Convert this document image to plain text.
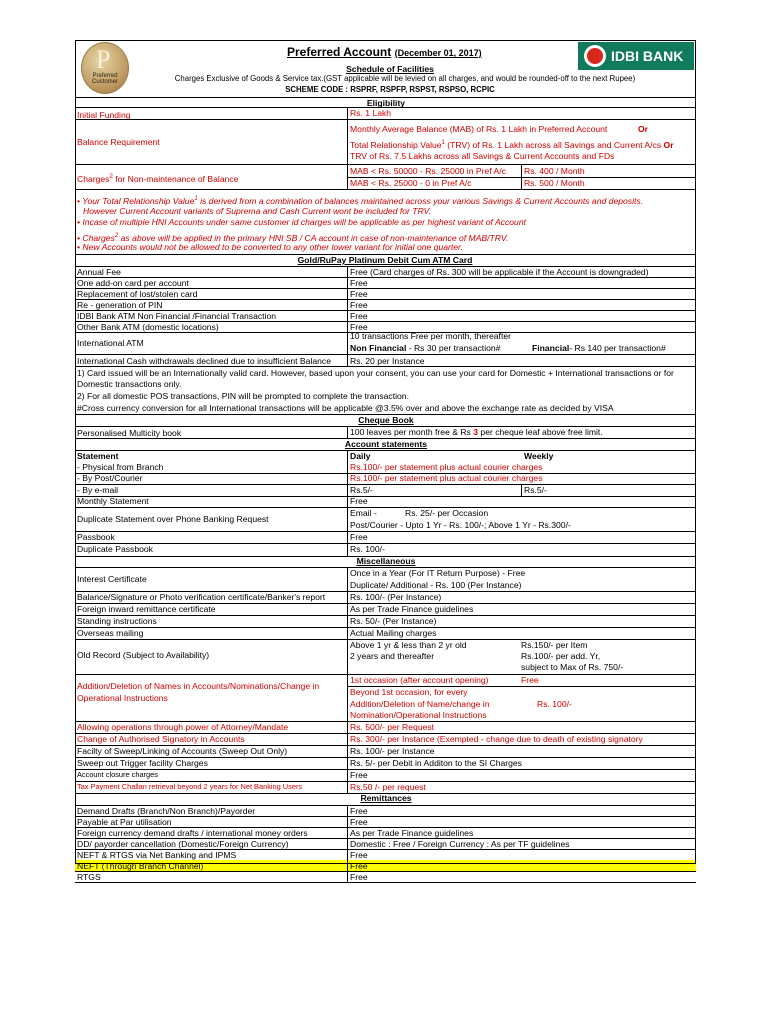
P
Preferred
Customer
IDBI BANK
Preferred Account (December 01, 2017)
Schedule of Facilities
Charges Exclusive of Goods & Service tax.(GST applicable will be levied on all charges, and would be rounded-off to the next Rupee)
SCHEME CODE : RSPRF, RSPFP, RSPST, RSPSO, RCPIC
Eligibility
Initial Funding	Rs. 1 Lakh
Balance Requirement
Monthly Average Balance (MAB) of Rs. 1 Lakh in Preferred Account	Or
Total Relationship Value$^1$ (TRV) of Rs. 1 Lakh across all Savings and Current A/cs Or
TRV of Rs. 7.5 Lakhs across all Savings & Current Accounts and FDs
Charges$^2$ for Non-maintenance of Balance
MAB < Rs. 50000 - Rs. 25000 in Pref A/c Rs. 400 / Month
MAB < Rs. 25000 - 0 in Pref A/c	Rs. 500 / Month
• Your Total Relationship Value$^1$ is derived from a combination of balances maintained across your various Savings & Current Accounts and deposits.
However Current Account variants of Suprema and Cash Current wont be included for TRV.
• Incase of multiple HNI Accounts under same customer id charges will be applicable as per highest variant of Account
• Charges$^2$ as above will be applied in the primary HNI SB / CA account in case of non-maintenance of MAB/TRV.
• New Accounts would not be allowed to be converted to any other lower variant for initial one quarter.
Gold/RuPay Platinum Debit Cum ATM Card
Annual Fee	Free (Card charges of Rs. 300 will be applicable if the Account is downgraded)
One add-on card per account	Free
Replacement of lost/stolen card	Free
Re - generation of PIN	Free
IDBI Bank ATM Non Financial /Financial Transaction	Free
Other Bank ATM (domestic locations)	Free
International ATM
10 transactions Free per month, thereafter
Non Financial - Rs 30 per transaction#	Financial- Rs 140 per transaction#
International Cash withdrawals declined due to insufficient Balance Rs. 20 per Instance
1) Card issued will be an Internationally valid card. However, based upon your consent, you can use your card for Domestic + International transactions or for
Domestic transactions only.
2) For all domestic POS transactions, PIN will be prompted to complete the transaction.
#Cross currency conversion for all International transactions will be applicable @3.5% over and above the exchange rate as decided by VISA
Cheque Book
Personalised Multicity book	100 leaves per month free & Rs 3 per cheque leaf above free limit.
Account statements
Statement	Daily	Weekly
- Physical from Branch	Rs.100/- per statement plus actual courier charges
- By Post/Courier	Rs.100/- per statement plus actual courier charges
- By e-mail	Rs.5/-	Rs.5/-
Monthly Statement	Free
Duplicate Statement over Phone Banking Request
Email -	Rs. 25/- per Occasion
Post/Courier - Upto 1 Yr - Rs. 100/-; Above 1 Yr - Rs.300/-
Passbook	Free
Duplicate Passbook	Rs. 100/-
Miscellaneous
Interest Certificate
Once in a Year (For IT Return Purpose) - Free
Duplicate/ Additional - Rs. 100 (Per Instance)
Balance/Signature or Photo verification certificate/Banker's report	Rs. 100/- (Per Instance)
Foreign inward remittance certificate	As per Trade Finance guidelines
Standing instructions	Rs. 50/- (Per Instance)
Overseas mailing	Actual Mailing charges
Old Record (Subject to Availability)
Above 1 yr & less than 2 yr old	Rs.150/- per Item
2 years and thereafter	Rs.100/- per add. Yr,
subject to Max of Rs. 750/-
Addition/Deletion of Names in Accounts/Nominations/Change in
Operational Instructions
1st occasion (after account opening)	Free
Beyond 1st occasion, for every
Addition/Deletion of Name/change in	Rs. 100/-
Nomination/Operational Instructions
Allowing operations through power of Attorney/Mandate	Rs. 500/- per Request
Change of Authorised Signatory in Accounts	Rs. 300/- per Instance (Exempted - change due to death of existing signatory
Facilty of Sweep/Linking of Accounts (Sweep Out Only)	Rs. 100/- per Instance
Sweep out Trigger facility Charges	Rs. 5/- per Debit in Additon to the SI Charges
Account closure charges	Free
Tax Payment Challan retrieval beyond 2 years for Net Banking Users	Rs.50 /- per request
Remittances
Demand Drafts (Branch/Non Branch)/Payorder	Free
Payable at Par utilisation	Free
Foreign currency demand drafts / international money orders	As per Trade Finance guidelines
DD/ payorder cancellation (Domestic/Foreign Currency)	Domestic : Free / Foreign Currency : As per TF guidelines
NEFT & RTGS via Net Banking and IPMS	Free
NEFT (Through Branch Channel)	Free
RTGS	Free
